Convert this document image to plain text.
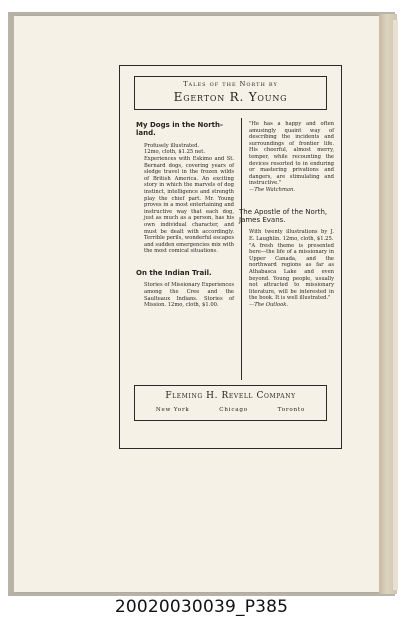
Tales of the North by
Egerton R. Young
My Dogs in the North-land.

Profusely illustrated.

12mo, cloth, $1.25 net.

Experiences with Eskimo and St. Bernard dogs, covering years of sledge travel in the frozen wilds of British America. An exciting story in which the marvels of dog instinct, intelligence and strength play the chief part. Mr. Young proves in a most entertaining and instructive way that each dog, just as much as a person, has his own individual character, and must be dealt with accordingly. Terrible perils, wonderful escapes and sudden emergencies mix with the most comical situations.

On the Indian Trail.

Stories of Missionary Experiences among the Cree and the Saulteaux Indians. Stories of Mission. 12mo, cloth, $1.00.

"He has a happy and often amusingly quaint way of describing the incidents and surroundings of frontier life. His cheerful, almost merry, temper, while recounting the devices resorted to in enduring or mastering privations and dangers, are stimulating and instructive."

—The Watchman.

The Apostle of the North, James Evans.

With twenty illustrations by J. E. Laughlin. 12mo, cloth, $1.25.

"A fresh theme is presented here—the life of a missionary in Upper Canada, and the northward regions as far as Athabasca Lake and even beyond. Young people, usually not attracted to missionary literature, will be interested in the book. It is well illustrated."

—The Outlook.

Fleming H. Revell Company
New York	Chicago	Toronto
20020030039_P385
